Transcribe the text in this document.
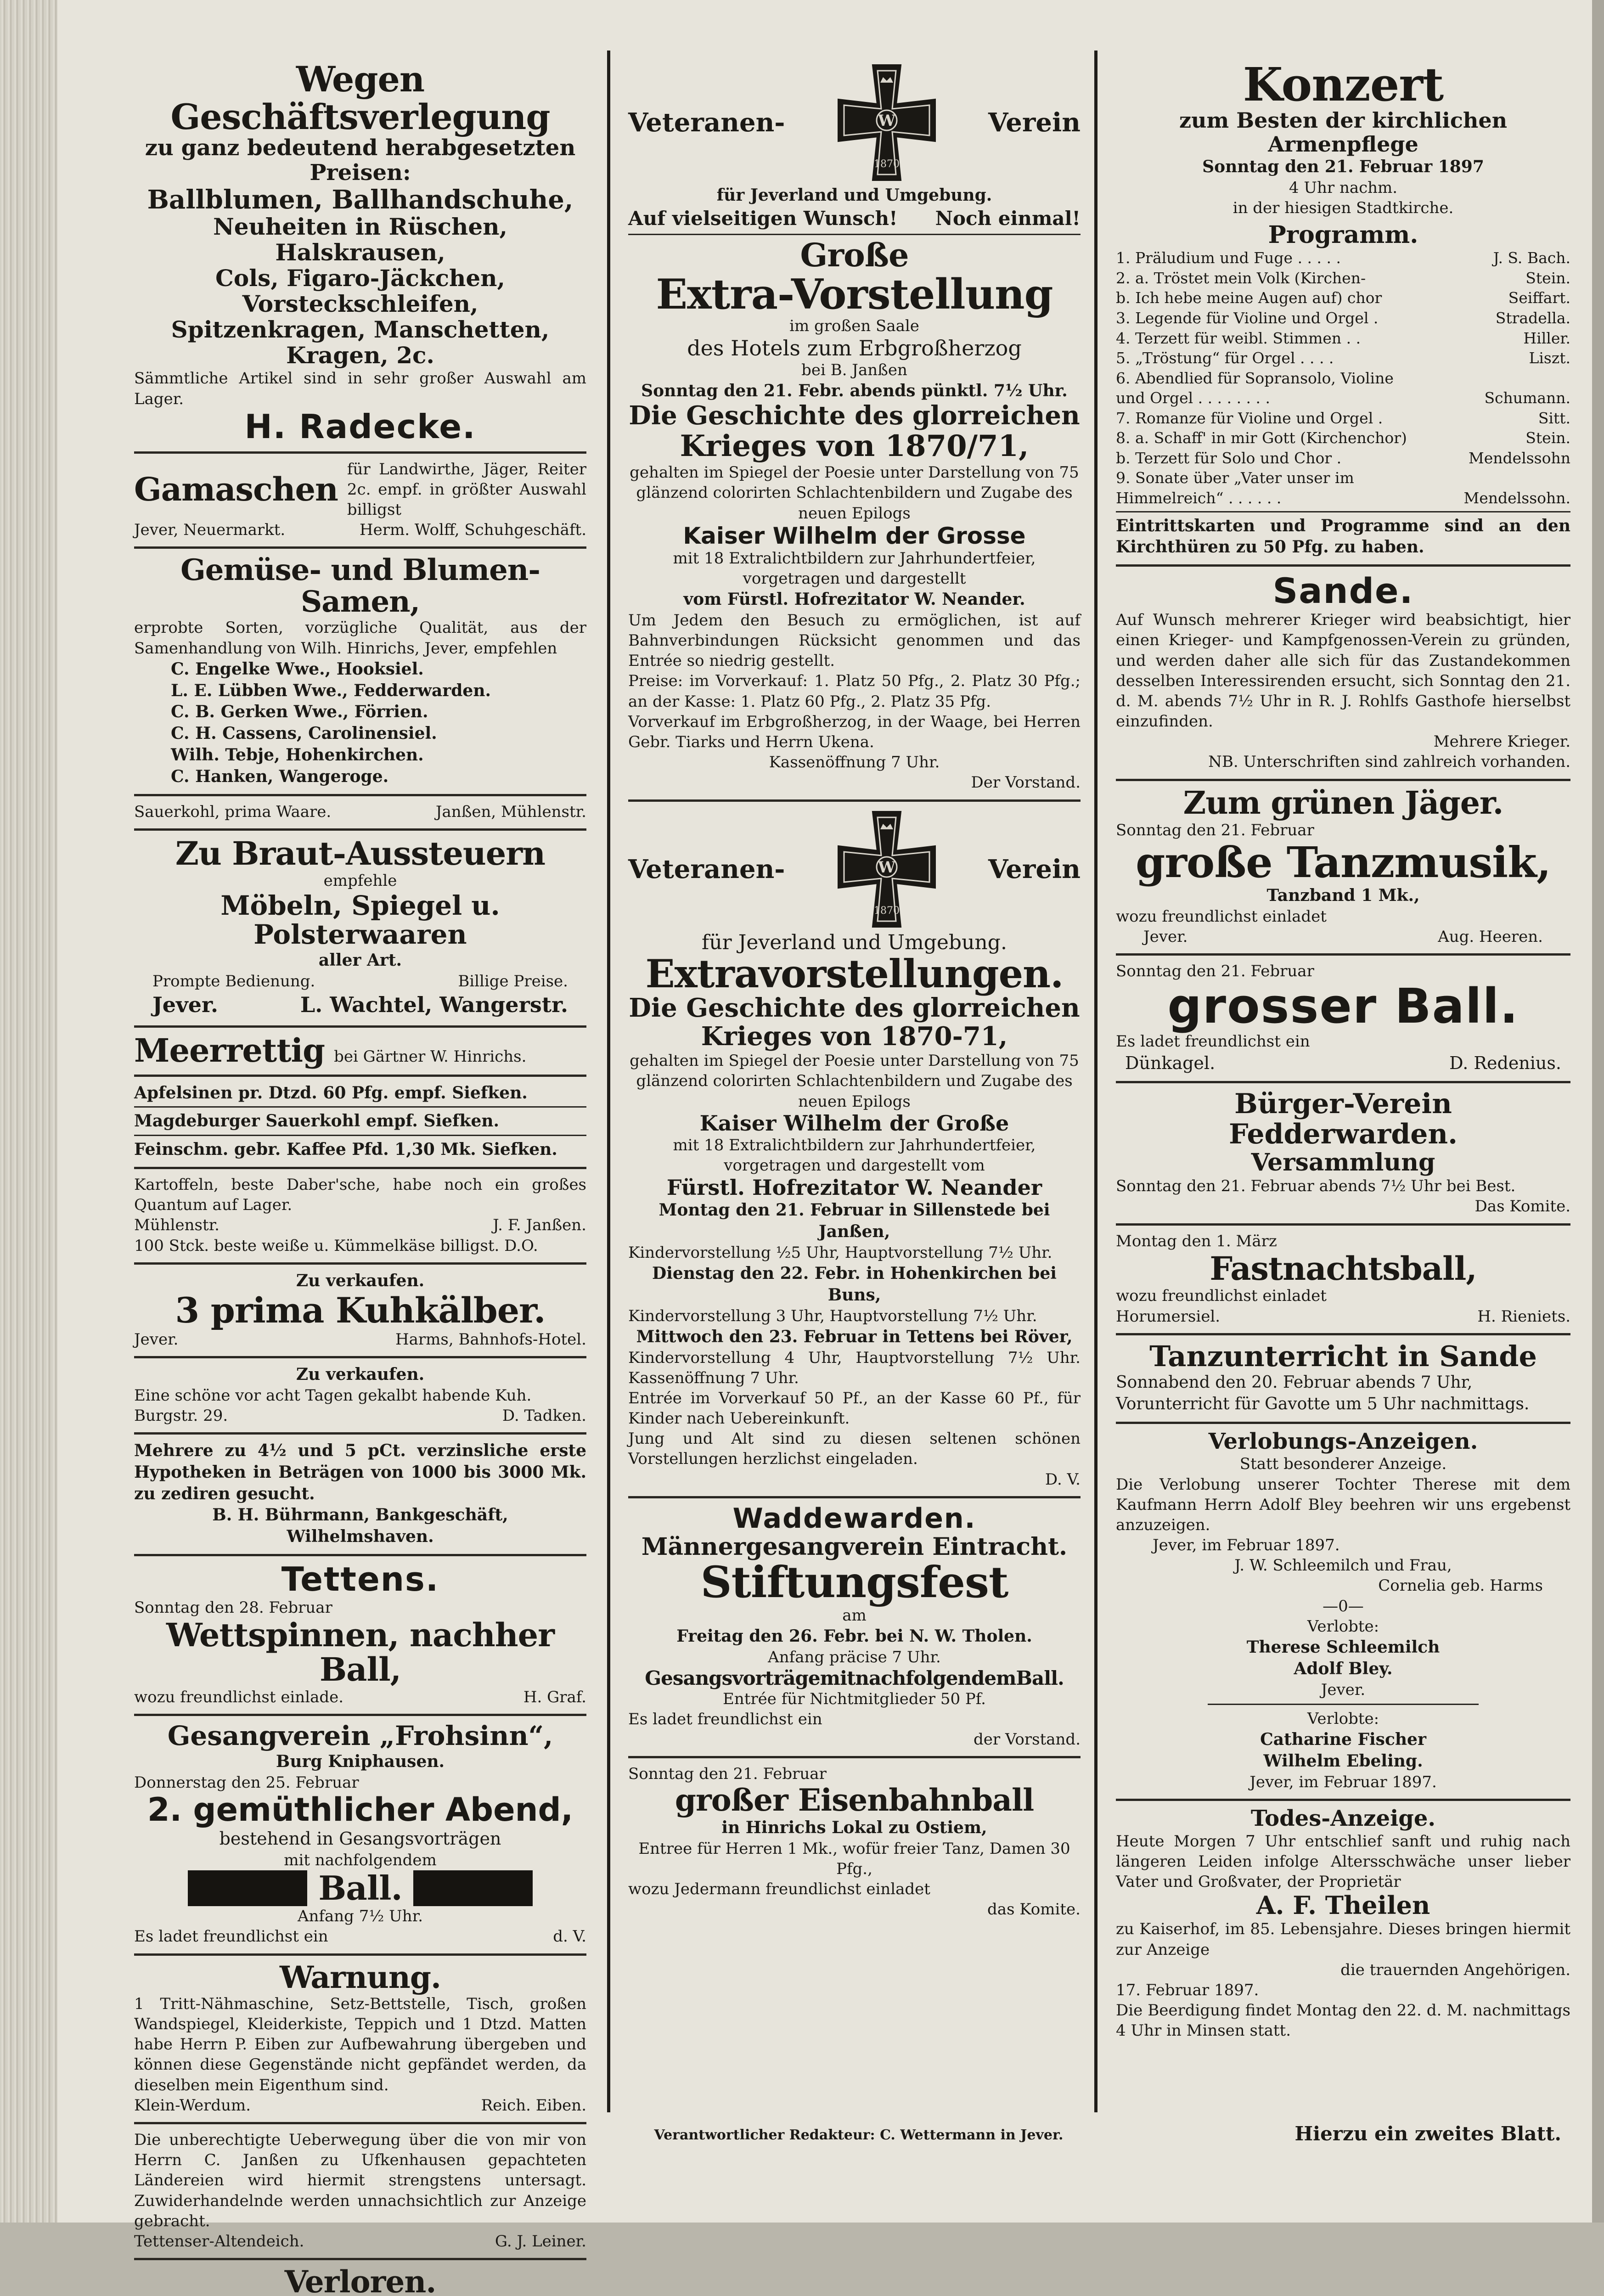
Wegen Geschäftsverlegung
zu ganz bedeutend herabgesetzten Preisen:
Ballblumen, Ballhandschuhe,
Neuheiten in Rüschen, Halskrausen,
Cols, Figaro-Jäckchen, Vorsteckschleifen,
Spitzenkragen, Manschetten, Kragen, 2c.
Sämmtliche Artikel sind in sehr großer Auswahl am Lager.
H. Radecke.
Gamaschen
für Landwirthe, Jäger, Reiter 2c. empf. in größter Auswahl billigst
Jever, Neuermarkt.	Herm. Wolff, Schuhgeschäft.
Gemüse- und Blumen-Samen,
erprobte Sorten, vorzügliche Qualität, aus der Samenhandlung von Wilh. Hinrichs, Jever, empfehlen
C. Engelke Wwe., Hooksiel.
L. E. Lübben Wwe., Fedderwarden.
C. B. Gerken Wwe., Förrien.
C. H. Cassens, Carolinensiel.
Wilh. Tebje, Hohenkirchen.
C. Hanken, Wangeroge.
Sauerkohl, prima Waare.	Janßen, Mühlenstr.
Zu Braut-Aussteuern
empfehle
Möbeln, Spiegel u. Polsterwaaren
aller Art.
Prompte Bedienung.	Billige Preise.
Jever.	L. Wachtel, Wangerstr.
Meerrettig bei Gärtner W. Hinrichs.
Apfelsinen pr. Dtzd. 60 Pfg. empf. Siefken.
Magdeburger Sauerkohl empf. Siefken.
Feinschm. gebr. Kaffee Pfd. 1,30 Mk. Siefken.
Kartoffeln, beste Daber'sche, habe noch ein großes Quantum auf Lager.
Mühlenstr.	J. F. Janßen.
100 Stck. beste weiße u. Kümmelkäse billigst. D.O.
Zu verkaufen.
3 prima Kuhkälber.
Jever.	Harms, Bahnhofs-Hotel.
Zu verkaufen.
Eine schöne vor acht Tagen gekalbt habende Kuh.
Burgstr. 29.	D. Tadken.
Mehrere zu 4½ und 5 pCt. verzinsliche erste Hypotheken in Beträgen von 1000 bis 3000 Mk. zu zediren gesucht.
B. H. Bührmann, Bankgeschäft,
Wilhelmshaven.
Tettens.
Sonntag den 28. Februar
Wettspinnen, nachher Ball,
wozu freundlichst einlade.	H. Graf.
Gesangverein „Frohsinn“,
Burg Kniphausen.
Donnerstag den 25. Februar
2. gemüthlicher Abend,
bestehend in Gesangsvorträgen
mit nachfolgendem
Ball.
Anfang 7½ Uhr.
Es ladet freundlichst ein	d. V.
Warnung.
1 Tritt-Nähmaschine, Setz-Bettstelle, Tisch, großen Wandspiegel, Kleiderkiste, Teppich und 1 Dtzd. Matten habe Herrn P. Eiben zur Aufbewahrung übergeben und können diese Gegenstände nicht gepfändet werden, da dieselben mein Eigenthum sind.
Klein-Werdum.	Reich. Eiben.
Die unberechtigte Ueberwegung über die von mir von Herrn C. Janßen zu Ufkenhausen gepachteten Ländereien wird hiermit strengstens untersagt. Zuwiderhandelnde werden unnachsichtlich zur Anzeige gebracht.
Tettenser-Altendeich.	G. J. Leiner.
Verloren.
Veteranen-	W
1870
Verein
für Jeverland und Umgebung.
Auf vielseitigen Wunsch! Noch einmal!
Große
Extra-Vorstellung
im großen Saale
des Hotels zum Erbgroßherzog
bei B. Janßen
Sonntag den 21. Febr. abends pünktl. 7½ Uhr.
Die Geschichte des glorreichen
Krieges von 1870/71,
gehalten im Spiegel der Poesie unter Darstellung von 75 glänzend colorirten Schlachtenbildern und Zugabe des neuen Epilogs
Kaiser Wilhelm der Grosse
mit 18 Extralichtbildern zur Jahrhundertfeier, vorgetragen und dargestellt
vom Fürstl. Hofrezitator W. Neander.
Um Jedem den Besuch zu ermöglichen, ist auf Bahnverbindungen Rücksicht genommen und das Entrée so niedrig gestellt.
Preise: im Vorverkauf: 1. Platz 50 Pfg., 2. Platz 30 Pfg.; an der Kasse: 1. Platz 60 Pfg., 2. Platz 35 Pfg.
Vorverkauf im Erbgroßherzog, in der Waage, bei Herren Gebr. Tiarks und Herrn Ukena.
Kassenöffnung 7 Uhr.
Der Vorstand.
Veteranen-	W
1870
Verein
für Jeverland und Umgebung.
Extravorstellungen.
Die Geschichte des glorreichen
Krieges von 1870-71,
gehalten im Spiegel der Poesie unter Darstellung von 75 glänzend colorirten Schlachtenbildern und Zugabe des neuen Epilogs
Kaiser Wilhelm der Große
mit 18 Extralichtbildern zur Jahrhundertfeier, vorgetragen und dargestellt vom
Fürstl. Hofrezitator W. Neander
Montag den 21. Februar in Sillenstede bei Janßen,
Kindervorstellung ½5 Uhr, Hauptvorstellung 7½ Uhr.
Dienstag den 22. Febr. in Hohenkirchen bei Buns,
Kindervorstellung 3 Uhr, Hauptvorstellung 7½ Uhr.
Mittwoch den 23. Februar in Tettens bei Röver,
Kindervorstellung 4 Uhr, Hauptvorstellung 7½ Uhr. Kassenöffnung 7 Uhr.
Entrée im Vorverkauf 50 Pf., an der Kasse 60 Pf., für Kinder nach Uebereinkunft.
Jung und Alt sind zu diesen seltenen schönen Vorstellungen herzlichst eingeladen.
D. V.
Waddewarden.
Männergesangverein Eintracht.
Stiftungsfest
am
Freitag den 26. Febr. bei N. W. Tholen.
Anfang präcise 7 Uhr.
GesangsvorträgemitnachfolgendemBall.
Entrée für Nichtmitglieder 50 Pf.
Es ladet freundlichst ein
der Vorstand.
Sonntag den 21. Februar
großer Eisenbahnball
in Hinrichs Lokal zu Ostiem,
Entree für Herren 1 Mk., wofür freier Tanz, Damen 30 Pfg.,
wozu Jedermann freundlichst einladet
das Komite.
Konzert
zum Besten der kirchlichen Armenpflege
Sonntag den 21. Februar 1897
4 Uhr nachm.
in der hiesigen Stadtkirche.
Programm.
1. Präludium und Fuge . . . . .	J. S. Bach.
2. a. Tröstet mein Volk (Kirchen-	Stein.
b. Ich hebe meine Augen auf) chor	Seiffart.
3. Legende für Violine und Orgel .	Stradella.
4. Terzett für weibl. Stimmen . .	Hiller.
5. „Tröstung“ für Orgel . . . .	Liszt.
6. Abendlied für Sopransolo, Violine
und Orgel . . . . . . . .	Schumann.
7. Romanze für Violine und Orgel .	Sitt.
8. a. Schaff' in mir Gott (Kirchenchor)	Stein.
b. Terzett für Solo und Chor .	Mendelssohn
9. Sonate über „Vater unser im
Himmelreich“ . . . . . .	Mendelssohn.
Eintrittskarten und Programme sind an den Kirchthüren zu 50 Pfg. zu haben.
Sande.
Auf Wunsch mehrerer Krieger wird beabsichtigt, hier einen Krieger- und Kampfgenossen-Verein zu gründen, und werden daher alle sich für das Zustandekommen desselben Interessirenden ersucht, sich Sonntag den 21. d. M. abends 7½ Uhr in R. J. Rohlfs Gasthofe hierselbst einzufinden.
Mehrere Krieger.
NB. Unterschriften sind zahlreich vorhanden.
Zum grünen Jäger.
Sonntag den 21. Februar
große Tanzmusik,
Tanzband 1 Mk.,
wozu freundlichst einladet
Jever.	Aug. Heeren.
Sonntag den 21. Februar
grosser Ball.
Es ladet freundlichst ein
Dünkagel.	D. Redenius.
Bürger-Verein Fedderwarden.
Versammlung
Sonntag den 21. Februar abends 7½ Uhr bei Best.
Das Komite.
Montag den 1. März
Fastnachtsball,
wozu freundlichst einladet
Horumersiel.	H. Rieniets.
Tanzunterricht in Sande
Sonnabend den 20. Februar abends 7 Uhr, Vorunterricht für Gavotte um 5 Uhr nachmittags.
Verlobungs-Anzeigen.
Statt besonderer Anzeige.
Die Verlobung unserer Tochter Therese mit dem Kaufmann Herrn Adolf Bley beehren wir uns ergebenst anzuzeigen.
Jever, im Februar 1897.
J. W. Schleemilch und Frau,
Cornelia geb. Harms
—0—
Verlobte:
Therese Schleemilch
Adolf Bley.
Jever.
Verlobte:
Catharine Fischer
Wilhelm Ebeling.
Jever, im Februar 1897.
Todes-Anzeige.
Heute Morgen 7 Uhr entschlief sanft und ruhig nach längeren Leiden infolge Altersschwäche unser lieber Vater und Großvater, der Proprietär
A. F. Theilen
zu Kaiserhof, im 85. Lebensjahre. Dieses bringen hiermit zur Anzeige
die trauernden Angehörigen.
17. Februar 1897.
Die Beerdigung findet Montag den 22. d. M. nachmittags 4 Uhr in Minsen statt.
Verantwortlicher Redakteur: C. Wettermann in Jever.	Hierzu ein zweites Blatt.
